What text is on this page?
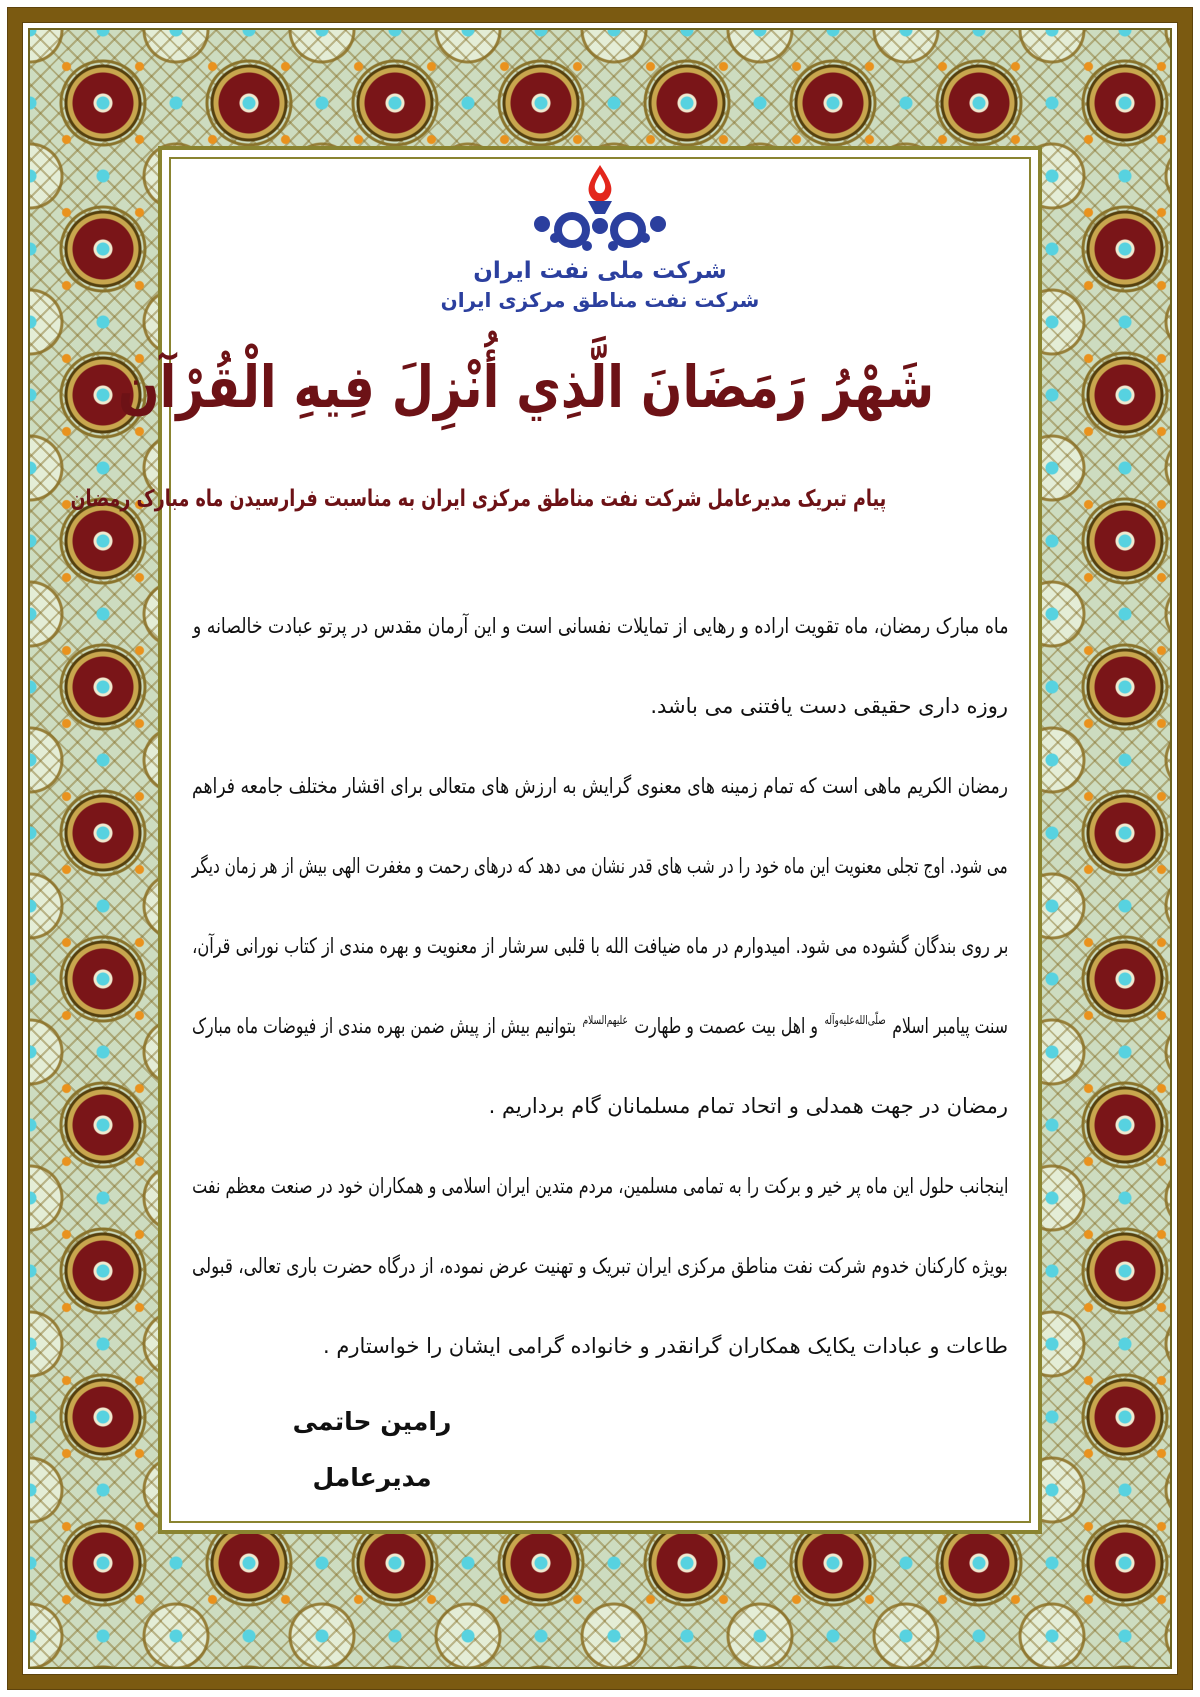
شرکت ملی نفت ایران
شرکت نفت مناطق مرکزی ایران
شَهْرُ رَمَضَانَ الَّذِي أُنْزِلَ فِيهِ الْقُرْآن
پیام تبریک مدیرعامل شرکت نفت مناطق مرکزی ایران به مناسبت فرارسیدن ماه مبارک رمضان
ماه مبارک رمضان، ماه تقویت اراده و رهایی از تمایلات نفسانی است و این آرمان مقدس در پرتو عبادت خالصانه و
روزه داری حقیقی دست یافتنی می باشد.
رمضان الکریم ماهی است که تمام زمینه های معنوی گرایش به ارزش های متعالی برای اقشار مختلف جامعه فراهم
می شود. اوج تجلی معنویت این ماه خود را در شب های قدر نشان می دهد که درهای رحمت و مغفرت الهی بیش از هر زمان دیگر
بر روی بندگان گشوده می شود. امیدوارم در ماه ضیافت الله با قلبی سرشار از معنویت و بهره مندی از کتاب نورانی قرآن،
سنت پیامبر اسلام $^{صلّی‌الله‌علیه‌وآله}$ و اهل بیت عصمت و طهارت $^{علیهم‌السلام}$ بتوانیم بیش از پیش ضمن بهره مندی از فیوضات ماه مبارک
رمضان در جهت همدلی و اتحاد تمام مسلمانان گام برداریم .
اینجانب حلول این ماه پر خیر و برکت را به تمامی مسلمین، مردم متدین ایران اسلامی و همکاران خود در صنعت معظم نفت
بویژه کارکنان خدوم شرکت نفت مناطق مرکزی ایران تبریک و تهنیت عرض نموده، از درگاه حضرت باری تعالی، قبولی
طاعات و عبادات یکایک همکاران گرانقدر و خانواده گرامی ایشان را خواستارم .
رامین حاتمی
مدیرعامل
